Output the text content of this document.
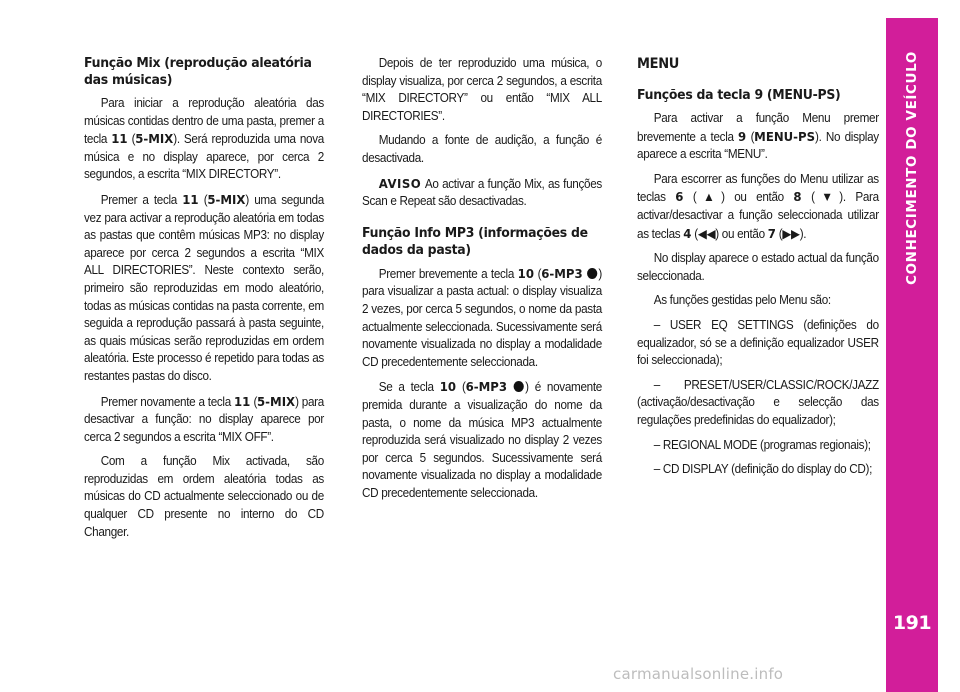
CONHECIMENTO DO VEÍCULO
191
Função Mix (reprodução aleatória das músicas)

Para iniciar a reprodução aleatória das músicas contidas dentro de uma pasta, premer a tecla 11 (5-MIX). Será reproduzida uma nova música e no display aparece, por cerca 2 segundos, a escrita “MIX DIRECTORY”.

Premer a tecla 11 (5-MIX) uma segunda vez para activar a reprodução aleatória em todas as pastas que contêm músicas MP3: no display aparece por cerca 2 segundos a escrita “MIX ALL DIRECTORIES”. Neste contexto serão, primeiro são reproduzidas em modo aleatório, todas as músicas contidas na pasta corrente, em seguida a reprodução passará à pasta seguinte, as quais músicas serão reproduzidas em ordem aleatória. Este processo é repetido para todas as restantes pastas do disco.

Premer novamente a tecla 11 (5-MIX) para desactivar a função: no display aparece por cerca 2 segundos a escrita “MIX OFF”.

Com a função Mix activada, são reproduzidas em ordem aleatória todas as músicas do CD actualmente seleccionado ou de qualquer CD presente no interno do CD Changer.

Depois de ter reproduzido uma música, o display visualiza, por cerca 2 segundos, a escrita “MIX DIRECTORY” ou então “MIX ALL DIRECTORIES”.

Mudando a fonte de audição, a função é desactivada.

AVISO Ao activar a função Mix, as funções Scan e Repeat são desactivadas.

Função Info MP3 (informações de dados da pasta)

Premer brevemente a tecla 10 (6-MP3 ) para visualizar a pasta actual: o display visualiza 2 vezes, por cerca 5 segundos, o nome da pasta actualmente seleccionada. Sucessivamente será novamente visualizada no display a modalidade CD precedentemente seleccionada.

Se a tecla 10 (6-MP3 ) é novamente premida durante a visualização do nome da pasta, o nome da música MP3 actualmente reproduzida será visualizado no display 2 vezes por cerca 5 segundos. Sucessivamente será novamente visualizada no display a modalidade CD precedentemente seleccionada.

MENU
Funções da tecla 9 (MENU-PS)

Para activar a função Menu premer brevemente a tecla 9 (MENU-PS). No display aparece a escrita “MENU”.

Para escorrer as funções do Menu utilizar as teclas 6 (▲) ou então 8 (▼). Para activar/desactivar a função seleccionada utilizar as teclas 4 (◀◀) ou então 7 (▶▶).

No display aparece o estado actual da função seleccionada.

As funções gestidas pelo Menu são:

– USER EQ SETTINGS (definições do equalizador, só se a definição equalizador USER foi seleccionada);

– PRESET/USER/CLASSIC/ROCK/JAZZ (activação/desactivação e selecção das regulações predefinidas do equalizador);

– REGIONAL MODE (programas regionais);

– CD DISPLAY (definição do display do CD);

carmanualsonline.info
